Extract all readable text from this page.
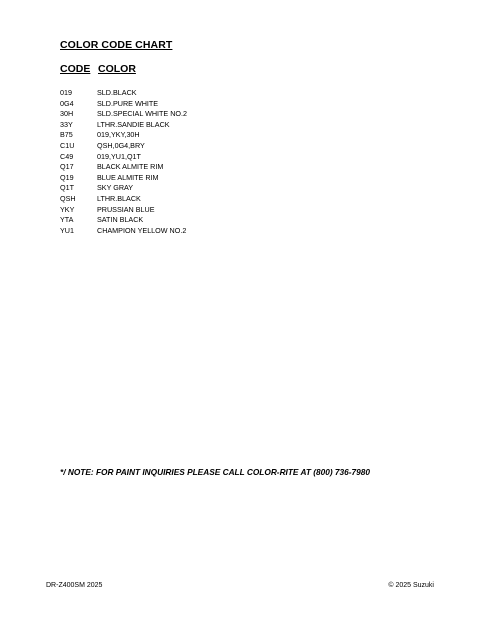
COLOR CODE CHART
CODE COLOR
019	SLD.BLACK
0G4	SLD.PURE WHITE
30H	SLD.SPECIAL WHITE NO.2
33Y	LTHR.SANDIE BLACK
B75	019,YKY,30H
C1U	QSH,0G4,BRY
C49	019,YU1,Q1T
Q17	BLACK ALMITE RIM
Q19	BLUE ALMITE RIM
Q1T	SKY GRAY
QSH	LTHR.BLACK
YKY	PRUSSIAN BLUE
YTA	SATIN BLACK
YU1	CHAMPION YELLOW NO.2
*/ NOTE: FOR PAINT INQUIRIES PLEASE CALL COLOR-RITE AT (800) 736-7980
DR-Z400SM 2025	© 2025 Suzuki
